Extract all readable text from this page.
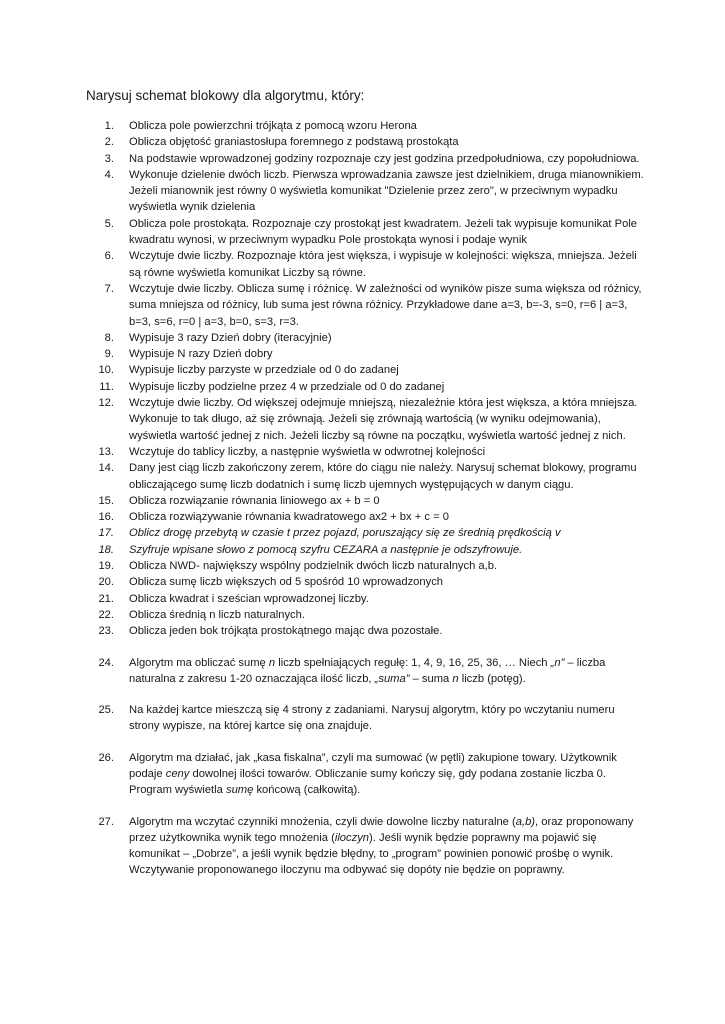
Narysuj schemat blokowy dla algorytmu, który:
1. Oblicza pole powierzchni trójkąta z pomocą wzoru Herona
2. Oblicza objętość graniastosłupa foremnego z podstawą prostokąta
3. Na podstawie wprowadzonej godziny rozpoznaje czy jest godzina przedpołudniowa, czy popołudniowa.
4. Wykonuje dzielenie dwóch liczb. Pierwsza wprowadzania zawsze jest dzielnikiem, druga mianownikiem. Jeżeli mianownik jest równy 0 wyświetla komunikat "Dzielenie przez zero", w przeciwnym wypadku wyświetla wynik dzielenia
5. Oblicza pole prostokąta. Rozpoznaje czy prostokąt jest kwadratem. Jeżeli tak wypisuje komunikat Pole kwadratu wynosi, w przeciwnym wypadku Pole prostokąta wynosi i podaje wynik
6. Wczytuje dwie liczby. Rozpoznaje która jest większa, i wypisuje w kolejności: większa, mniejsza. Jeżeli są równe wyświetla komunikat Liczby są równe.
7. Wczytuje dwie liczby. Oblicza sumę i różnicę. W zależności od wyników pisze suma większa od różnicy, suma mniejsza od różnicy, lub suma jest równa różnicy. Przykładowe dane a=3, b=-3, s=0, r=6 | a=3, b=3, s=6, r=0 | a=3, b=0, s=3, r=3.
8. Wypisuje 3 razy Dzień dobry (iteracyjnie)
9. Wypisuje N razy Dzień dobry
10. Wypisuje liczby parzyste w przedziale od 0 do zadanej
11. Wypisuje liczby podzielne przez 4 w przedziale od 0 do zadanej
12. Wczytuje dwie liczby. Od większej odejmuje mniejszą, niezależnie która jest większa, a która mniejsza. Wykonuje to tak długo, aż się zrównają. Jeżeli się zrównają wartością (w wyniku odejmowania), wyświetla wartość jednej z nich. Jeżeli liczby są równe na początku, wyświetla wartość jednej z nich.
13. Wczytuje do tablicy liczby, a następnie wyświetla w odwrotnej kolejności
14. Dany jest ciąg liczb zakończony zerem, które do ciągu nie należy. Narysuj schemat blokowy, programu obliczającego sumę liczb dodatnich i sumę liczb ujemnych występujących w danym ciągu.
15. Oblicza rozwiązanie równania liniowego ax + b = 0
16. Oblicza rozwiązywanie równania kwadratowego ax2 + bx + c = 0
17. Oblicz drogę przebytą w czasie t przez pojazd, poruszający się ze średnią prędkością v
18. Szyfruje wpisane słowo z pomocą szyfru CEZARA a następnie je odszyfrowuje.
19. Oblicza NWD- największy wspólny podzielnik dwóch liczb naturalnych a,b.
20. Oblicza sumę liczb większych od 5 spośród 10 wprowadzonych
21. Oblicza kwadrat i sześcian wprowadzonej liczby.
22. Oblicza średnią n liczb naturalnych.
23. Oblicza jeden bok trójkąta prostokątnego mając dwa pozostałe.
24. Algorytm ma obliczać sumę n liczb spełniających regułę: 1, 4, 9, 16, 25, 36, … Niech „n” – liczba naturalna z zakresu 1-20 oznaczająca ilość liczb, „suma” – suma n liczb (potęg).
25. Na każdej kartce mieszczą się 4 strony z zadaniami. Narysuj algorytm, który po wczytaniu numeru strony wypisze, na której kartce się ona znajduje.
26. Algorytm ma działać, jak „kasa fiskalna”, czyli ma sumować (w pętli) zakupione towary. Użytkownik podaje ceny dowolnej ilości towarów. Obliczanie sumy kończy się, gdy podana zostanie liczba 0. Program wyświetla sumę końcową (całkowitą).
27. Algorytm ma wczytać czynniki mnożenia, czyli dwie dowolne liczby naturalne (a,b), oraz proponowany przez użytkownika wynik tego mnożenia (iloczyn). Jeśli wynik będzie poprawny ma pojawić się komunikat – „Dobrze”, a jeśli wynik będzie błędny, to „program” powinien ponowić prośbę o wynik. Wczytywanie proponowanego iloczynu ma odbywać się dopóty nie będzie on poprawny.
